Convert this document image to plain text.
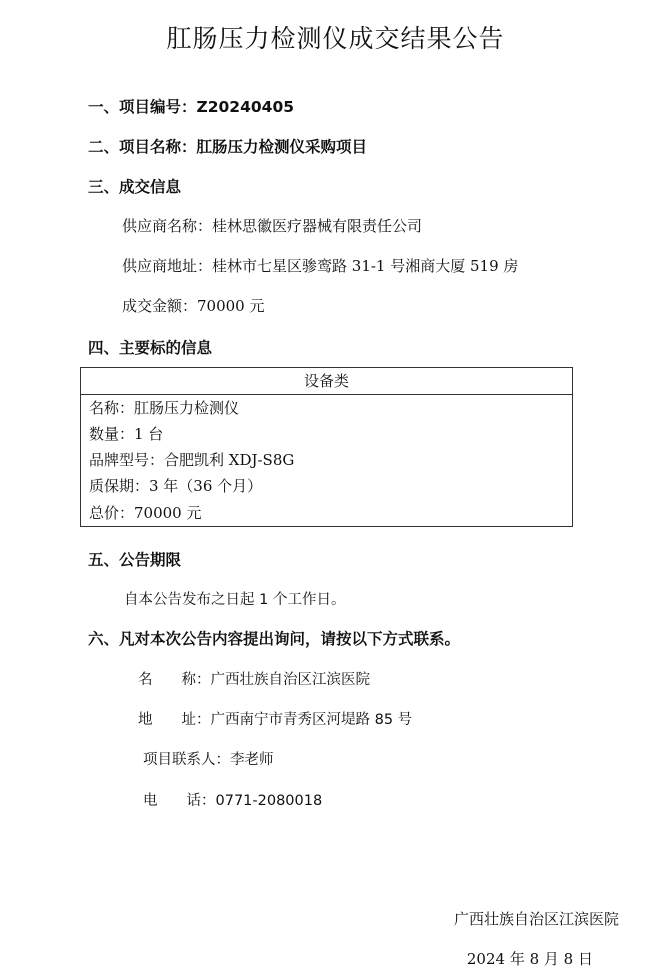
肛肠压力检测仪成交结果公告
一、项目编号：Z20240405
二、项目名称：肛肠压力检测仪采购项目
三、成交信息
供应商名称：桂林思徽医疗器械有限责任公司
供应商地址：桂林市七星区骖鸾路 31-1 号湘商大厦 519 房
成交金额：70000 元
四、主要标的信息
设备类
名称：肛肠压力检测仪
数量：1 台
品牌型号：合肥凯利 XDJ-S8G
质保期：3 年（36 个月）
总价：70000 元
五、公告期限
自本公告发布之日起 1 个工作日。
六、凡对本次公告内容提出询问，请按以下方式联系。
名　　称：广西壮族自治区江滨医院
地　　址：广西南宁市青秀区河堤路 85 号
项目联系人：李老师
电　　话：0771-2080018
广西壮族自治区江滨医院
2024 年 8 月 8 日
